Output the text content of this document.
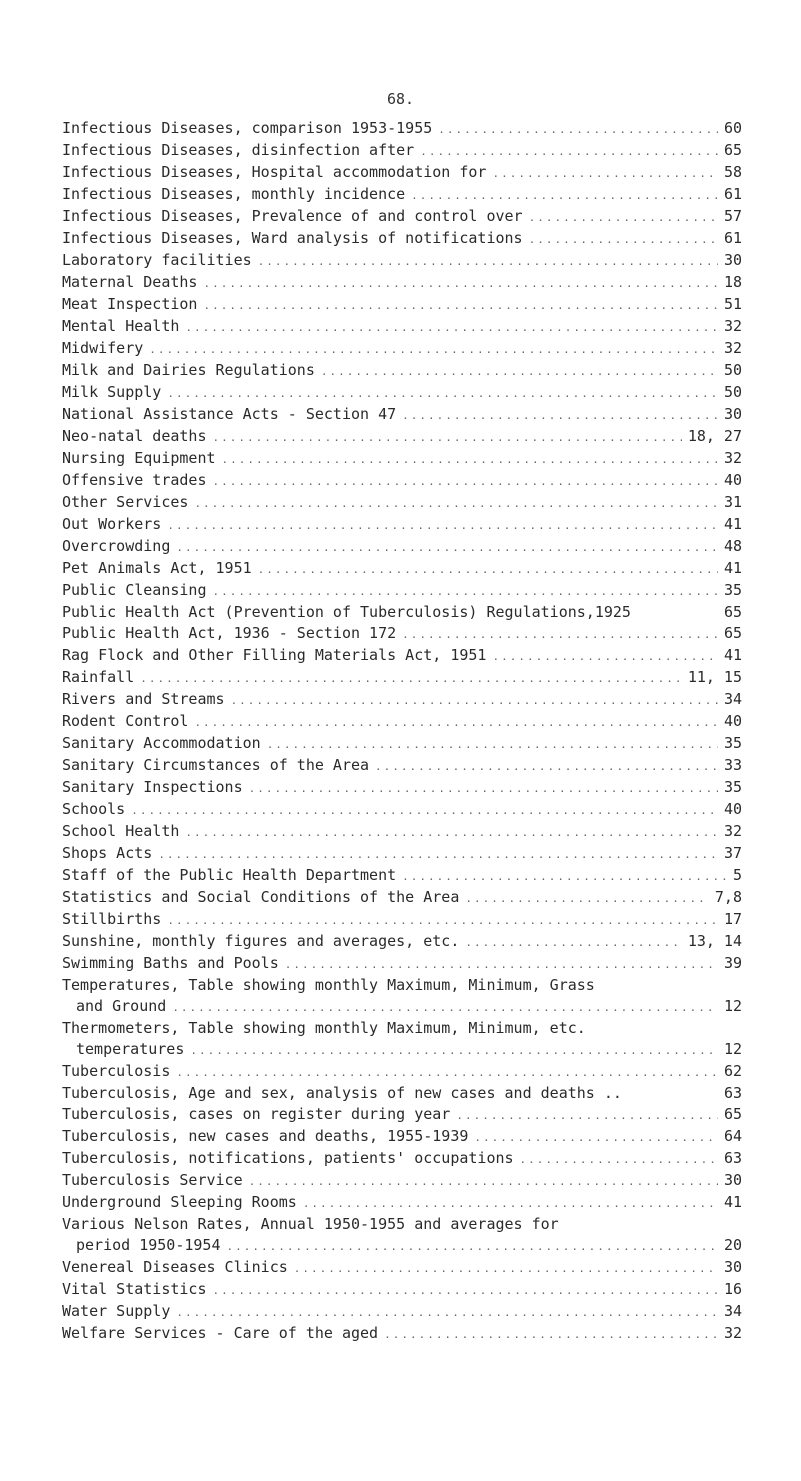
68.
Infectious Diseases, comparison 1953-1955 .....	60
Infectious Diseases, disinfection after .....	65
Infectious Diseases, Hospital accommodation for .....	58
Infectious Diseases, monthly incidence .....	61
Infectious Diseases, Prevalence of and control over .....	57
Infectious Diseases, Ward analysis of notifications .....	61
Laboratory facilities .....	30
Maternal Deaths .....	18
Meat Inspection .....	51
Mental Health .....	32
Midwifery .....	32
Milk and Dairies Regulations .....	50
Milk Supply .....	50
National Assistance Acts - Section 47 .....	30
Neo-natal deaths .....	18, 27
Nursing Equipment .....	32
Offensive trades .....	40
Other Services .....	31
Out Workers .....	41
Overcrowding .....	48
Pet Animals Act, 1951 .....	41
Public Cleansing .....	35
Public Health Act (Prevention of Tuberculosis) Regulations,1925	65
Public Health Act, 1936 - Section 172 .....	65
Rag Flock and Other Filling Materials Act, 1951 .....	41
Rainfall .....	11, 15
Rivers and Streams .....	34
Rodent Control .....	40
Sanitary Accommodation .....	35
Sanitary Circumstances of the Area .....	33
Sanitary Inspections .....	35
Schools .....	40
School Health .....	32
Shops Acts .....	37
Staff of the Public Health Department .....	5
Statistics and Social Conditions of the Area .....	7,8
Stillbirths .....	17
Sunshine, monthly figures and averages, etc. .....	13, 14
Swimming Baths and Pools .....	39
Temperatures, Table showing monthly Maximum, Minimum, Grass
and Ground .....	12
Thermometers, Table showing monthly Maximum, Minimum, etc.
temperatures .....	12
Tuberculosis .....	62
Tuberculosis, Age and sex, analysis of new cases and deaths ..	63
Tuberculosis, cases on register during year .....	65
Tuberculosis, new cases and deaths, 1955-1939 .....	64
Tuberculosis, notifications, patients' occupations .....	63
Tuberculosis Service .....	30
Underground Sleeping Rooms .....	41
Various Nelson Rates, Annual 1950-1955 and averages for
period 1950-1954 .....	20
Venereal Diseases Clinics .....	30
Vital Statistics .....	16
Water Supply .....	34
Welfare Services - Care of the aged .....	32
